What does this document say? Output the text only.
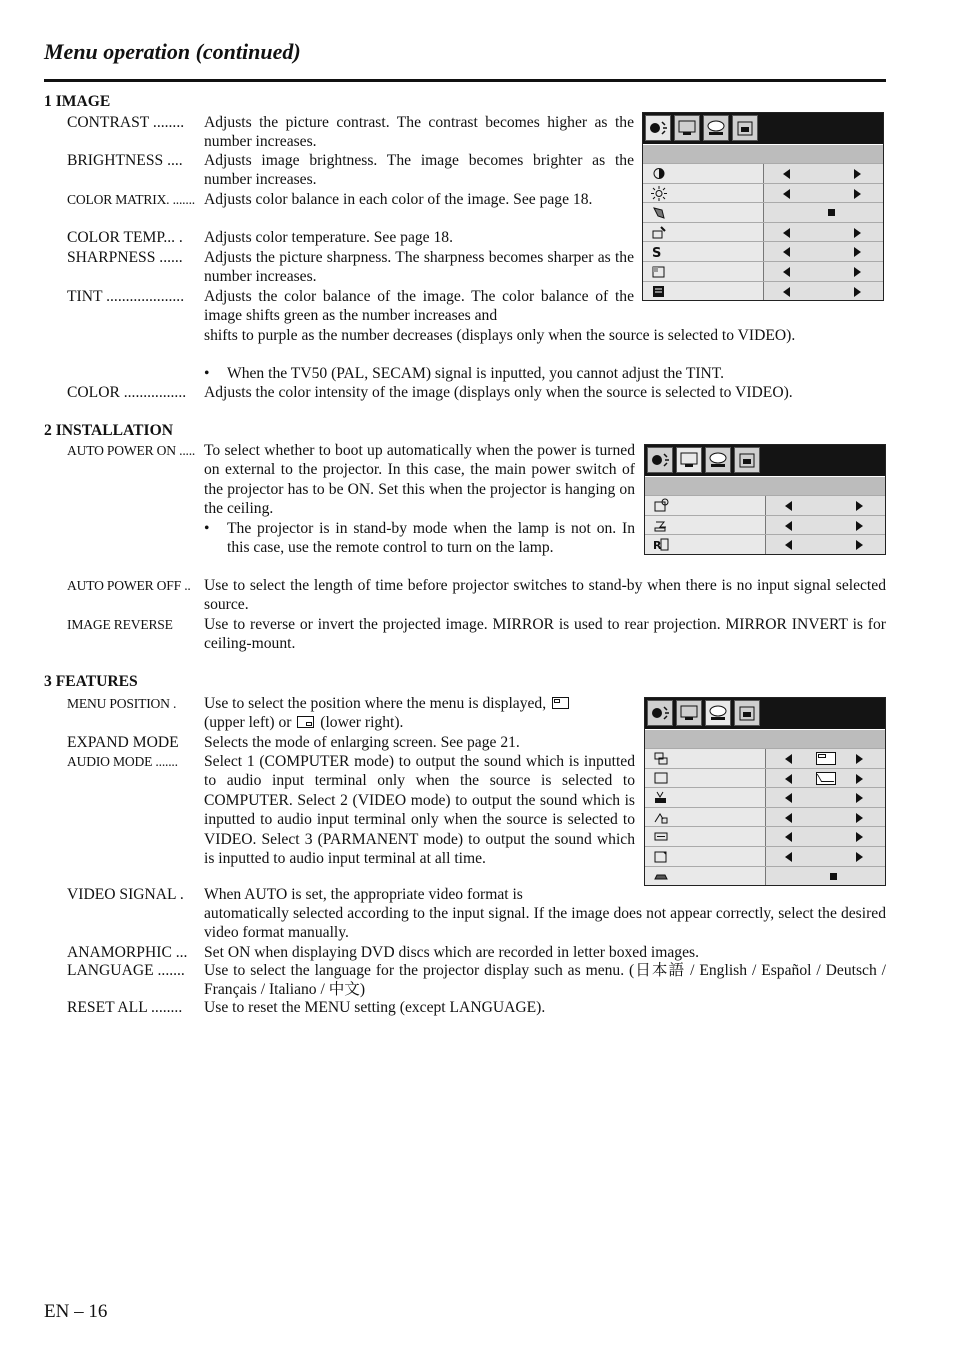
Menu operation (continued)
1 IMAGE
CONTRAST ........ Adjusts the picture contrast. The contrast becomes higher as the number increases.
BRIGHTNESS .... Adjusts image brightness. The image becomes brighter as the number increases.
COLOR MATRIX. ....... Adjusts color balance in each color of the image. See page 18.
COLOR TEMP... . Adjusts color temperature. See page 18.
SHARPNESS ...... Adjusts the picture sharpness. The sharpness becomes sharper as the number increases.
TINT .................... Adjusts the color balance of the image. The color balance of the image shifts green as the number increases and
shifts to purple as the number decreases (displays only when the source is selected to VIDEO).

• When the TV50 (PAL, SECAM) signal is inputted, you cannot adjust the TINT.

COLOR ................ Adjusts the color intensity of the image (displays only when the source is selected to VIDEO).
S
2 INSTALLATION
AUTO POWER ON ..... To select whether to boot up automatically when the power is turned on external to the projector. In this case, the main power switch of the projector has to be ON. Set this when the projector is hanging on the ceiling.

• The projector is in stand-by mode when the lamp is not on. In this case, use the remote control to turn on the lamp.

AUTO POWER OFF .. Use to select the length of time before projector switches to stand-by when there is no input signal selected source.
IMAGE REVERSE Use to reverse or invert the projected image. MIRROR is used to rear projection. MIRROR INVERT is for ceiling-mount.
R
3 FEATURES
MENU POSITION . Use to select the position where the menu is displayed,

(upper left) or (lower right).
EXPAND MODE Selects the mode of enlarging screen. See page 21.
AUDIO MODE ....... Select 1 (COMPUTER mode) to output the sound which is inputted to audio input terminal only when the source is selected to COMPUTER. Select 2 (VIDEO mode) to output the sound which is inputted to audio input terminal only when the source is selected to VIDEO. Select 3 (PARMANENT mode) to output the sound which is inputted to audio input terminal at all time.
VIDEO SIGNAL . When AUTO is set, the appropriate video format is
automatically selected according to the input signal. If the image does not appear correctly, select the desired video format manually.
ANAMORPHIC ... Set ON when displaying DVD discs which are recorded in letter boxed images.
LANGUAGE ....... Use to select the language for the projector display such as menu. (日本語 / English / Español / Deutsch / Français / Italiano / 中文)
RESET ALL ........ Use to reset the MENU setting (except LANGUAGE).
EN – 16
